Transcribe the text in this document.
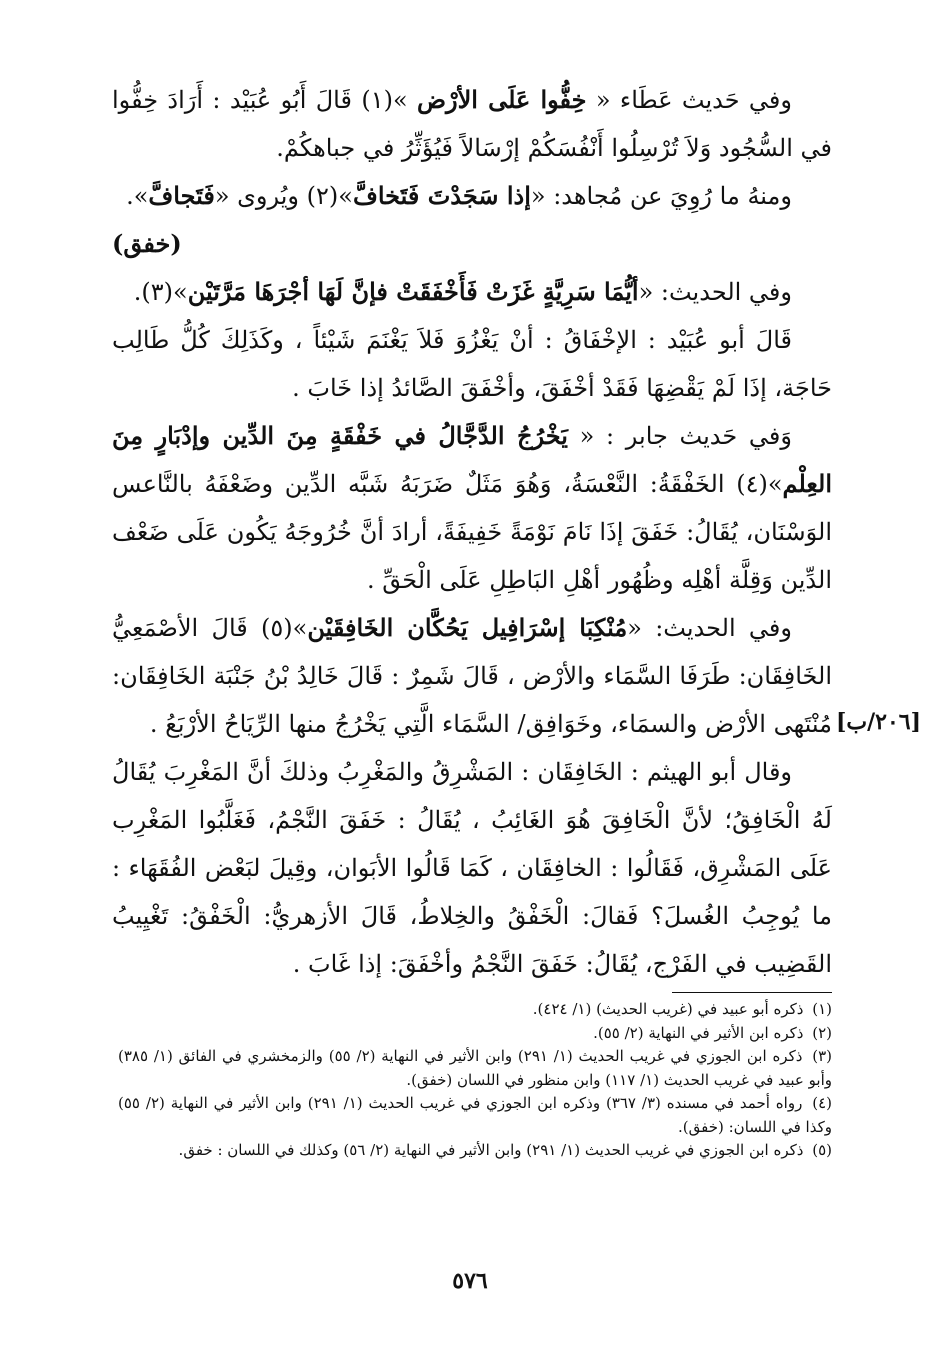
وفي حَديث عَطَاء « خِفُّوا عَلَى الأرْض »(١) قَالَ أَبُو عُبَيْد : أَرَادَ خِفُّوا في السُّجُود وَلاَ تُرْسِلُوا أَنْفُسَكُمْ إرْسَالاً فَيُؤَثِّرُ في جباهكُمْ.

ومنهُ ما رُوِيَ عن مُجاهد: «إذا سَجَدْتَ فَتَخافَّ»(٢) ويُروى «فَتَجافَّ».

(خفق)

وفي الحديث: «أيُّمَا سَرِيَّةٍ غَزَتْ فَأَخْفَقَتْ فإنَّ لَهَا أجْرَهَا مَرَّتَيْن»(٣).

قَالَ أبو عُبَيْد : الإخْفَاقُ : أنْ يَغْزُوَ فَلاَ يَغْنَمَ شَيْئاً ، وكَذَلِكَ كُلُّ طَالِب حَاجَة، إذَا لَمْ يَقْضِهَا فَقَدْ أخْفَقَ، وأخْفَقَ الصَّائدُ إذا خَابَ .

وَفي حَديث جابر : « يَخْرُجُ الدَّجَّالُ في خَفْقَةٍ مِنَ الدِّين وإدْبَارٍ مِنَ العِلْم»(٤) الخَفْقَةُ: النَّعْسَةُ، وَهُوَ مَثَلٌ ضَرَبَهُ شَبَّه الدِّين وضَعْفَهُ بالنَّاعس الوَسْنَان، يُقَالُ: خَفَقَ إذَا نَامَ نَوْمَةً خَفِيفَةً، أرادَ أنَّ خُرُوجَهُ يَكُون عَلَى ضَعْف الدِّين وَقِلَّة أهْلِه وظُهُور أهْلِ البَاطِلِ عَلَى الْحَقِّ .

وفي الحديث: «مُنْكِبَا إسْرَافِيل يَحُكَّان الخَافِقَيْن»(٥) قَالَ الأصْمَعِيُّ الخَافِقَان: طَرَفَا السَّمَاء والأرْض ، قَالَ شَمِرٌ : قَالَ خَالِدُ بْنُ جَنْبَة الخَافِقَان: مُنْتَهى الأرْض والسمَاء، وخَوَافِق/ السَّمَاء الَّتِي يَخْرُجُ منها الرِّيَاحُ الأرْبَعُ .

وقال أبو الهيثم : الخَافِقَان : المَشْرِقُ والمَغْرِبُ وذلكَ أنَّ المَغْرِبَ يُقَالُ لَهُ الْخَافِقُ؛ لأنَّ الْخَافِقَ هُوَ الغَائِبُ ، يُقَالُ : خَفَقَ النَّجْمُ، فَغَلَّبُوا المَغْرِب عَلَى المَشْرِق، فَقَالُوا : الخافِقَان ، كَمَا قَالُوا الأبَوان، وقِيلَ لبَعْض الفُقَهَاء : ما يُوجِبُ الغُسلَ؟ فَقالَ: الْخَفْقُ والخِلاطُ، قَالَ الأزهريُّ: الْخَفْقُ: تَغْيِيبُ القَضِيب في الفَرْج، يُقَالُ: خَفَقَ النَّجْمُ وأخْفَقَ: إذا غَابَ .

[٢٠٦/ب]

(١) ذكره أبو عبيد في (غريب الحديث) (١/ ٤٢٤).

(٢) ذكره ابن الأثير في النهاية (٢/ ٥٥).

(٣) ذكره ابن الجوزي في غريب الحديث (١/ ٢٩١) وابن الأثير في النهاية (٢/ ٥٥) والزمخشري في الفائق (١/ ٣٨٥) وأبو عبيد في غريب الحديث (١/ ١١٧) وابن منظور في اللسان (خفق).

(٤) رواه أحمد في مسنده (٣/ ٣٦٧) وذكره ابن الجوزي في غريب الحديث (١/ ٢٩١) وابن الأثير في النهاية (٢/ ٥٥) وكذا في اللسان: (خفق).

(٥) ذكره ابن الجوزي في غريب الحديث (١/ ٢٩١) وابن الأثير في النهاية (٢/ ٥٦) وكذلك في اللسان : خفق.

٥٧٦
